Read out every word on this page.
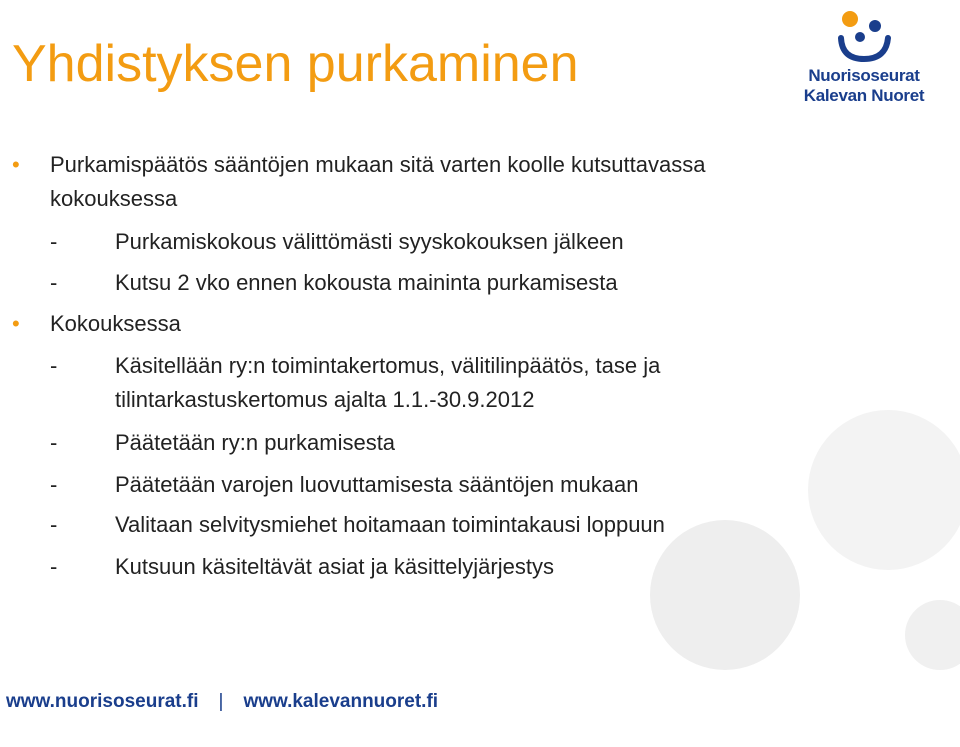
Yhdistyksen purkaminen	Nuorisoseurat
Kalevan Nuoret
• Purkamispäätös sääntöjen mukaan sitä varten koolle kutsuttavassa
kokouksessa
-	Purkamiskokous välittömästi syyskokouksen jälkeen
-	Kutsu 2 vko ennen kokousta maininta purkamisesta
• Kokouksessa
-	Käsitellään ry:n toimintakertomus, välitilinpäätös, tase ja
tilintarkastuskertomus ajalta 1.1.-30.9.2012
-	Päätetään ry:n purkamisesta
-	Päätetään varojen luovuttamisesta sääntöjen mukaan
-	Valitaan selvitysmiehet hoitamaan toimintakausi loppuun
-	Kutsuun käsiteltävät asiat ja käsittelyjärjestys
www.nuorisoseurat.fi | www.kalevannuoret.fi
